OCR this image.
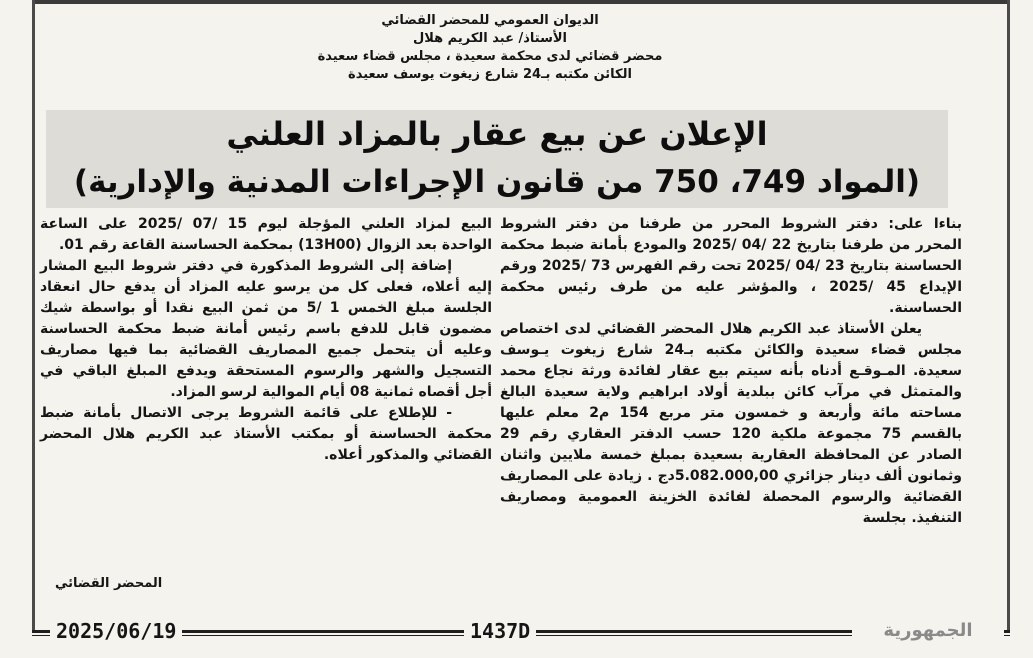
الديوان العمومي للمحضر القضائي
الأستاذ/ عبد الكريم هلال
محضر قضائي لدى محكمة سعيدة ، مجلس قضاء سعيدة
الكائن مكتبه بـ24 شارع زيغوت يوسف سعيدة
الإعلان عن بيع عقار بالمزاد العلني
(المواد 749، 750 من قانون الإجراءات المدنية والإدارية)

بناءا على: دفتر الشروط المحرر من طرفنا من دفتر الشروط المحرر من طرفنا بتاريخ 22 /04 /2025 والمودع بأمانة ضبط محكمة الحساسنة بتاريخ 23 /04 /2025 تحت رقم الفهرس 73 /2025 ورقم الإيداع 45 /2025 ، والمؤشر عليه من طرف رئيس محكمة الحساسنة.

يعلن الأستاذ عبد الكريم هلال المحضر القضائي لدى اختصاص مجلس قضاء سعيدة والكائن مكتبه بـ24 شارع زيغوت يـوسف سعيدة. المـوقـع أدناه بأنه سيتم بيع عقار لفائدة ورثة نجاع محمد والمتمثل في مرآب كائن ببلدية أولاد ابراهيم ولاية سعيدة البالغ مساحته مائة وأربعة و خمسون متر مربع 154 م2 معلم عليها بالقسم 75 مجموعة ملكية 120 حسب الدفتر العقاري رقم 29 الصادر عن المحافظة العقارية بسعيدة بمبلغ خمسة ملايين واثنان وثمانون ألف دينار جزائري 5.082.000,00دج . زيادة على المصاريف القضائية والرسوم المحصلة لفائدة الخزينة العمومية ومصاريف التنفيذ. بجلسة

البيع لمزاد العلني المؤجلة ليوم 15 /07 /2025 على الساعة الواحدة بعد الزوال (13H00) بمحكمة الحساسنة القاعة رقم 01.

إضافة إلى الشروط المذكورة في دفتر شروط البيع المشار إليه أعلاه، فعلى كل من يرسو عليه المزاد أن يدفع حال انعقاد الجلسة مبلغ الخمس 1 /5 من ثمن البيع نقدا أو بواسطة شيك مضمون قابل للدفع باسم رئيس أمانة ضبط محكمة الحساسنة وعليه أن يتحمل جميع المصاريف القضائية بما فيها مصاريف التسجيل والشهر والرسوم المستحقة ويدفع المبلغ الباقي في أجل أقصاه ثمانية 08 أيام الموالية لرسو المزاد.

- للإطلاع على قائمة الشروط يرجى الاتصال بأمانة ضبط محكمة الحساسنة أو بمكتب الأستاذ عبد الكريم هلال المحضر القضائي والمذكور أعلاه.

المحضر القضائي
2025/06/19	1437D	الجمهورية
